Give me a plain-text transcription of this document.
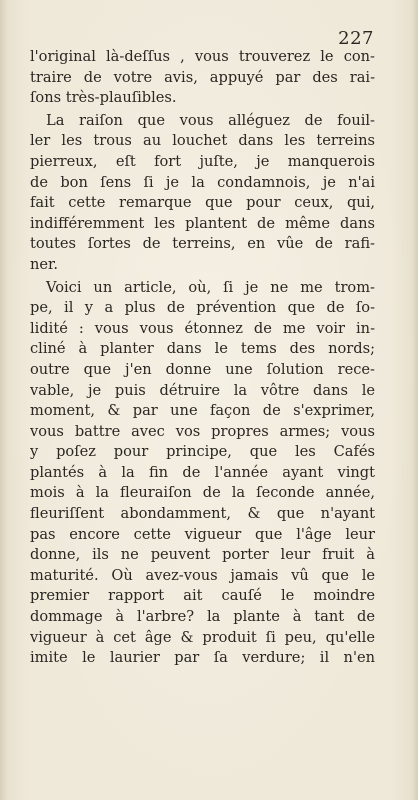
227
l'original là-deſſus , vous trouverez le con-
traire de votre avis, appuyé par des rai-
ſons très-plauſibles.
La raiſon que vous alléguez de fouil-
ler les trous au louchet dans les terreins
pierreux, eſt fort juſte, je manquerois
de bon ſens ſi je la condamnois, je n'ai
fait cette remarque que pour ceux, qui,
indifféremment les plantent de même dans
toutes ſortes de terreins, en vûe de rafi-
ner.
Voici un article, où, ſi je ne me trom-
pe, il y a plus de prévention que de ſo-
lidité : vous vous étonnez de me voir in-
cliné à planter dans le tems des nords;
outre que j'en donne une ſolution rece-
vable, je puis détruire la vôtre dans le
moment, & par une façon de s'exprimer,
vous battre avec vos propres armes; vous
y poſez pour principe, que les Cafés
plantés à la fin de l'année ayant vingt
mois à la fleuraiſon de la ſeconde année,
fleuriſſent abondamment, & que n'ayant
pas encore cette vigueur que l'âge leur
donne, ils ne peuvent porter leur fruit à
maturité. Où avez-vous jamais vû que le
premier rapport ait cauſé le moindre
dommage à l'arbre? la plante à tant de
vigueur à cet âge & produit ſi peu, qu'elle
imite le laurier par ſa verdure; il n'en
